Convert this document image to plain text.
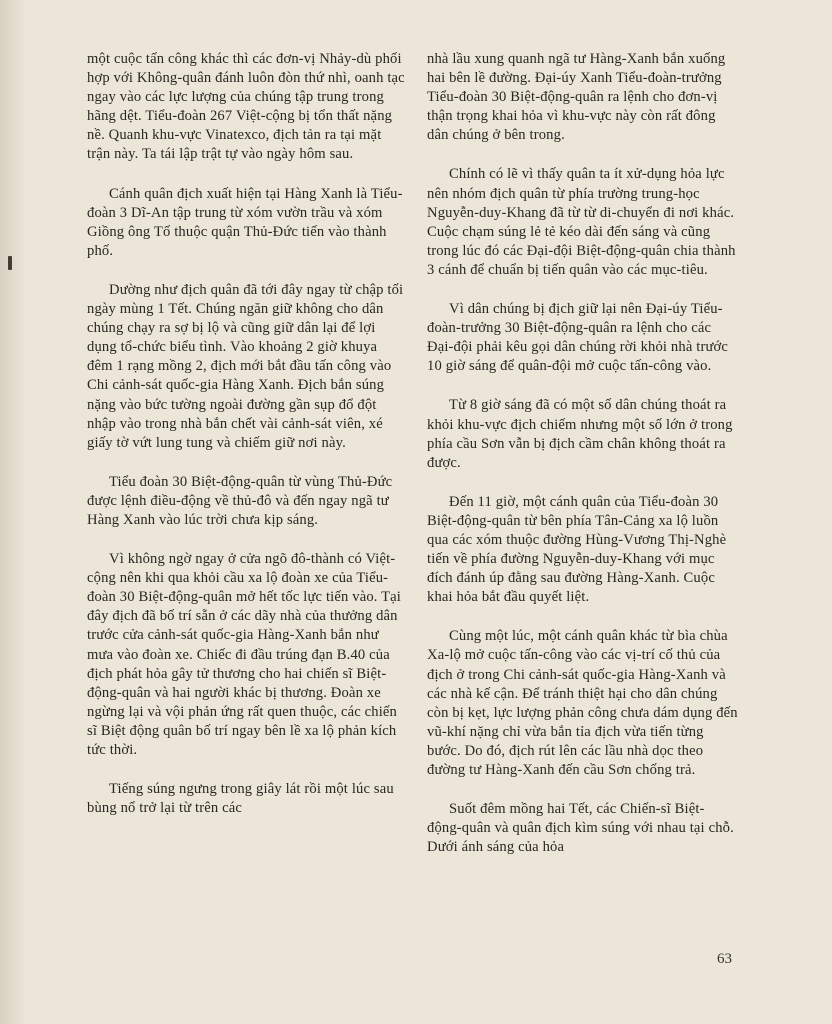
một cuộc tấn công khác thì các đơn-vị Nhảy-dù phối hợp với Không-quân đánh luôn đòn thứ nhì, oanh tạc ngay vào các lực lượng của chúng tập trung trong hãng dệt. Tiểu-đoàn 267 Việt-cộng bị tổn thất nặng nề. Quanh khu-vực Vinatexco, địch tản ra tại mặt trận này. Ta tái lập trật tự vào ngày hôm sau.

Cánh quân địch xuất hiện tại Hàng Xanh là Tiểu-đoàn 3 Dĩ-An tập trung từ xóm vườn trầu và xóm Giồng ông Tố thuộc quận Thủ-Đức tiến vào thành phố.

Dường như địch quân đã tới đây ngay từ chập tối ngày mùng 1 Tết. Chúng ngăn giữ không cho dân chúng chạy ra sợ bị lộ và cũng giữ dân lại để lợi dụng tổ-chức biểu tình. Vào khoảng 2 giờ khuya đêm 1 rạng mồng 2, địch mới bắt đầu tấn công vào Chi cảnh-sát quốc-gia Hàng Xanh. Địch bắn súng nặng vào bức tường ngoài đường gần sụp đổ đột nhập vào trong nhà bắn chết vài cảnh-sát viên, xé giấy tờ vứt lung tung và chiếm giữ nơi này.

Tiểu đoàn 30 Biệt-động-quân từ vùng Thủ-Đức được lệnh điều-động về thủ-đô và đến ngay ngã tư Hàng Xanh vào lúc trời chưa kịp sáng.

Vì không ngờ ngay ở cửa ngõ đô-thành có Việt-cộng nên khi qua khỏi cầu xa lộ đoàn xe của Tiểu-đoàn 30 Biệt-động-quân mở hết tốc lực tiến vào. Tại đây địch đã bố trí sẵn ở các dãy nhà của thưởng dân trước cửa cảnh-sát quốc-gia Hàng-Xanh bắn như mưa vào đoàn xe. Chiếc đi đầu trúng đạn B.40 của địch phát hỏa gây tử thương cho hai chiến sĩ Biệt-động-quân và hai người khác bị thương. Đoàn xe ngừng lại và vội phản ứng rất quen thuộc, các chiến sĩ Biệt động quân bố trí ngay bên lề xa lộ phản kích tức thời.

Tiếng súng ngưng trong giây lát rồi một lúc sau bùng nổ trở lại từ trên các

nhà lầu xung quanh ngã tư Hàng-Xanh bắn xuống hai bên lề đường. Đại-úy Xanh Tiểu-đoàn-trưởng Tiểu-đoàn 30 Biệt-động-quân ra lệnh cho đơn-vị thận trọng khai hỏa vì khu-vực này còn rất đông dân chúng ở bên trong.

Chính có lẽ vì thấy quân ta ít xử-dụng hỏa lực nên nhóm địch quân từ phía trường trung-học Nguyễn-duy-Khang đã từ từ di-chuyển đi nơi khác. Cuộc chạm súng lẻ tẻ kéo dài đến sáng và cũng trong lúc đó các Đại-đội Biệt-động-quân chia thành 3 cánh để chuẩn bị tiến quân vào các mục-tiêu.

Vì dân chúng bị địch giữ lại nên Đại-úy Tiểu-đoàn-trưởng 30 Biệt-động-quân ra lệnh cho các Đại-đội phải kêu gọi dân chúng rời khỏi nhà trước 10 giờ sáng để quân-đội mở cuộc tấn-công vào.

Từ 8 giờ sáng đã có một số dân chúng thoát ra khỏi khu-vực địch chiếm nhưng một số lớn ở trong phía cầu Sơn vẫn bị địch cầm chân không thoát ra được.

Đến 11 giờ, một cánh quân của Tiểu-đoàn 30 Biệt-động-quân từ bên phía Tân-Cảng xa lộ luồn qua các xóm thuộc đường Hùng-Vương Thị-Nghè tiến về phía đường Nguyễn-duy-Khang với mục đích đánh úp đằng sau đường Hàng-Xanh. Cuộc khai hỏa bắt đầu quyết liệt.

Cùng một lúc, một cánh quân khác từ bìa chùa Xa-lộ mở cuộc tấn-công vào các vị-trí cố thủ của địch ở trong Chi cảnh-sát quốc-gia Hàng-Xanh và các nhà kế cận. Để tránh thiệt hại cho dân chúng còn bị kẹt, lực lượng phản công chưa dám dụng đến vũ-khí nặng chỉ vừa bắn tỉa địch vừa tiến từng bước. Do đó, địch rút lên các lầu nhà dọc theo đường tư Hàng-Xanh đến cầu Sơn chống trả.

Suốt đêm mồng hai Tết, các Chiến-sĩ Biệt-động-quân và quân địch kìm súng với nhau tại chỗ. Dưới ánh sáng của hỏa

63
